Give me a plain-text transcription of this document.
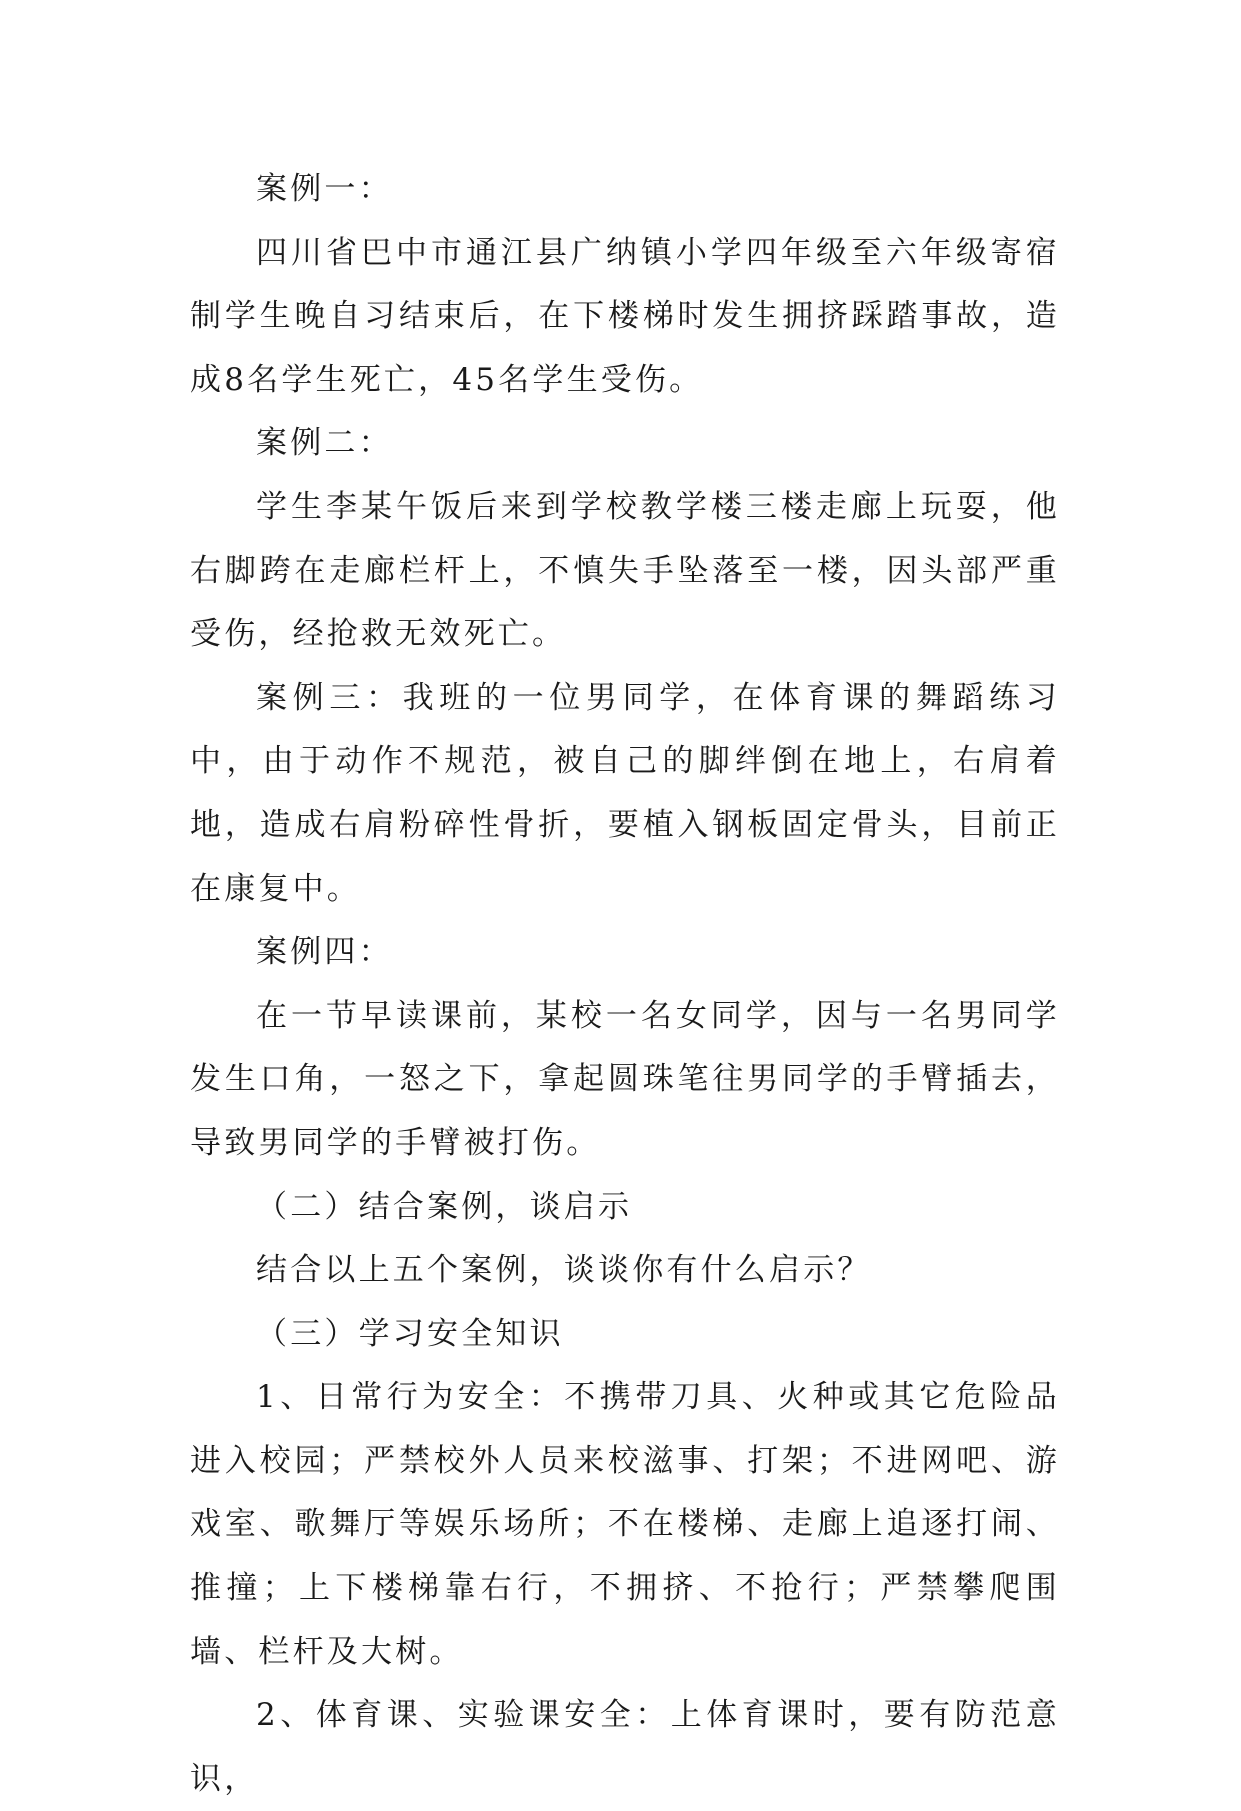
案例一：

四川省巴中市通江县广纳镇小学四年级至六年级寄宿制学生晚自习结束后，在下楼梯时发生拥挤踩踏事故，造成8名学生死亡，45名学生受伤。

案例二：

学生李某午饭后来到学校教学楼三楼走廊上玩耍，他右脚跨在走廊栏杆上，不慎失手坠落至一楼，因头部严重受伤，经抢救无效死亡。

案例三：我班的一位男同学，在体育课的舞蹈练习中，由于动作不规范，被自己的脚绊倒在地上，右肩着地，造成右肩粉碎性骨折，要植入钢板固定骨头，目前正在康复中。

案例四：

在一节早读课前，某校一名女同学，因与一名男同学发生口角，一怒之下，拿起圆珠笔往男同学的手臂插去，导致男同学的手臂被打伤。

（二）结合案例，谈启示

结合以上五个案例，谈谈你有什么启示？

（三）学习安全知识

1、日常行为安全：不携带刀具、火种或其它危险品进入校园；严禁校外人员来校滋事、打架；不进网吧、游戏室、歌舞厅等娱乐场所；不在楼梯、走廊上追逐打闹、推撞；上下楼梯靠右行，不拥挤、不抢行；严禁攀爬围墙、栏杆及大树。

2、体育课、实验课安全：上体育课时，要有防范意识，
